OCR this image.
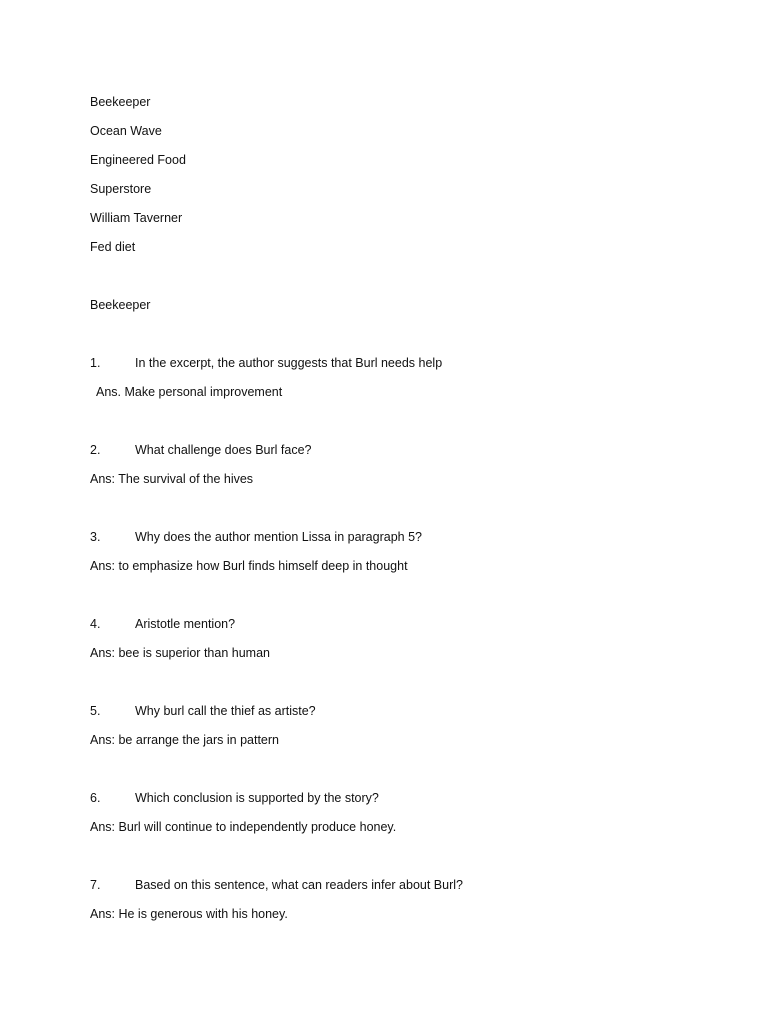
Beekeeper
Ocean Wave
Engineered Food
Superstore
William Taverner
Fed diet
Beekeeper
1.	In the excerpt, the author suggests that Burl needs help
Ans. Make personal improvement
2.	What challenge does Burl face?
Ans: The survival of the hives
3.	Why does the author mention Lissa in paragraph 5?
Ans: to emphasize how Burl finds himself deep in thought
4.	Aristotle mention?
Ans: bee is superior than human
5.	Why burl call the thief as artiste?
Ans: be arrange the jars in pattern
6.	Which conclusion is supported by the story?
Ans: Burl will continue to independently produce honey.
7.	Based on this sentence, what can readers infer about Burl?
Ans: He is generous with his honey.
